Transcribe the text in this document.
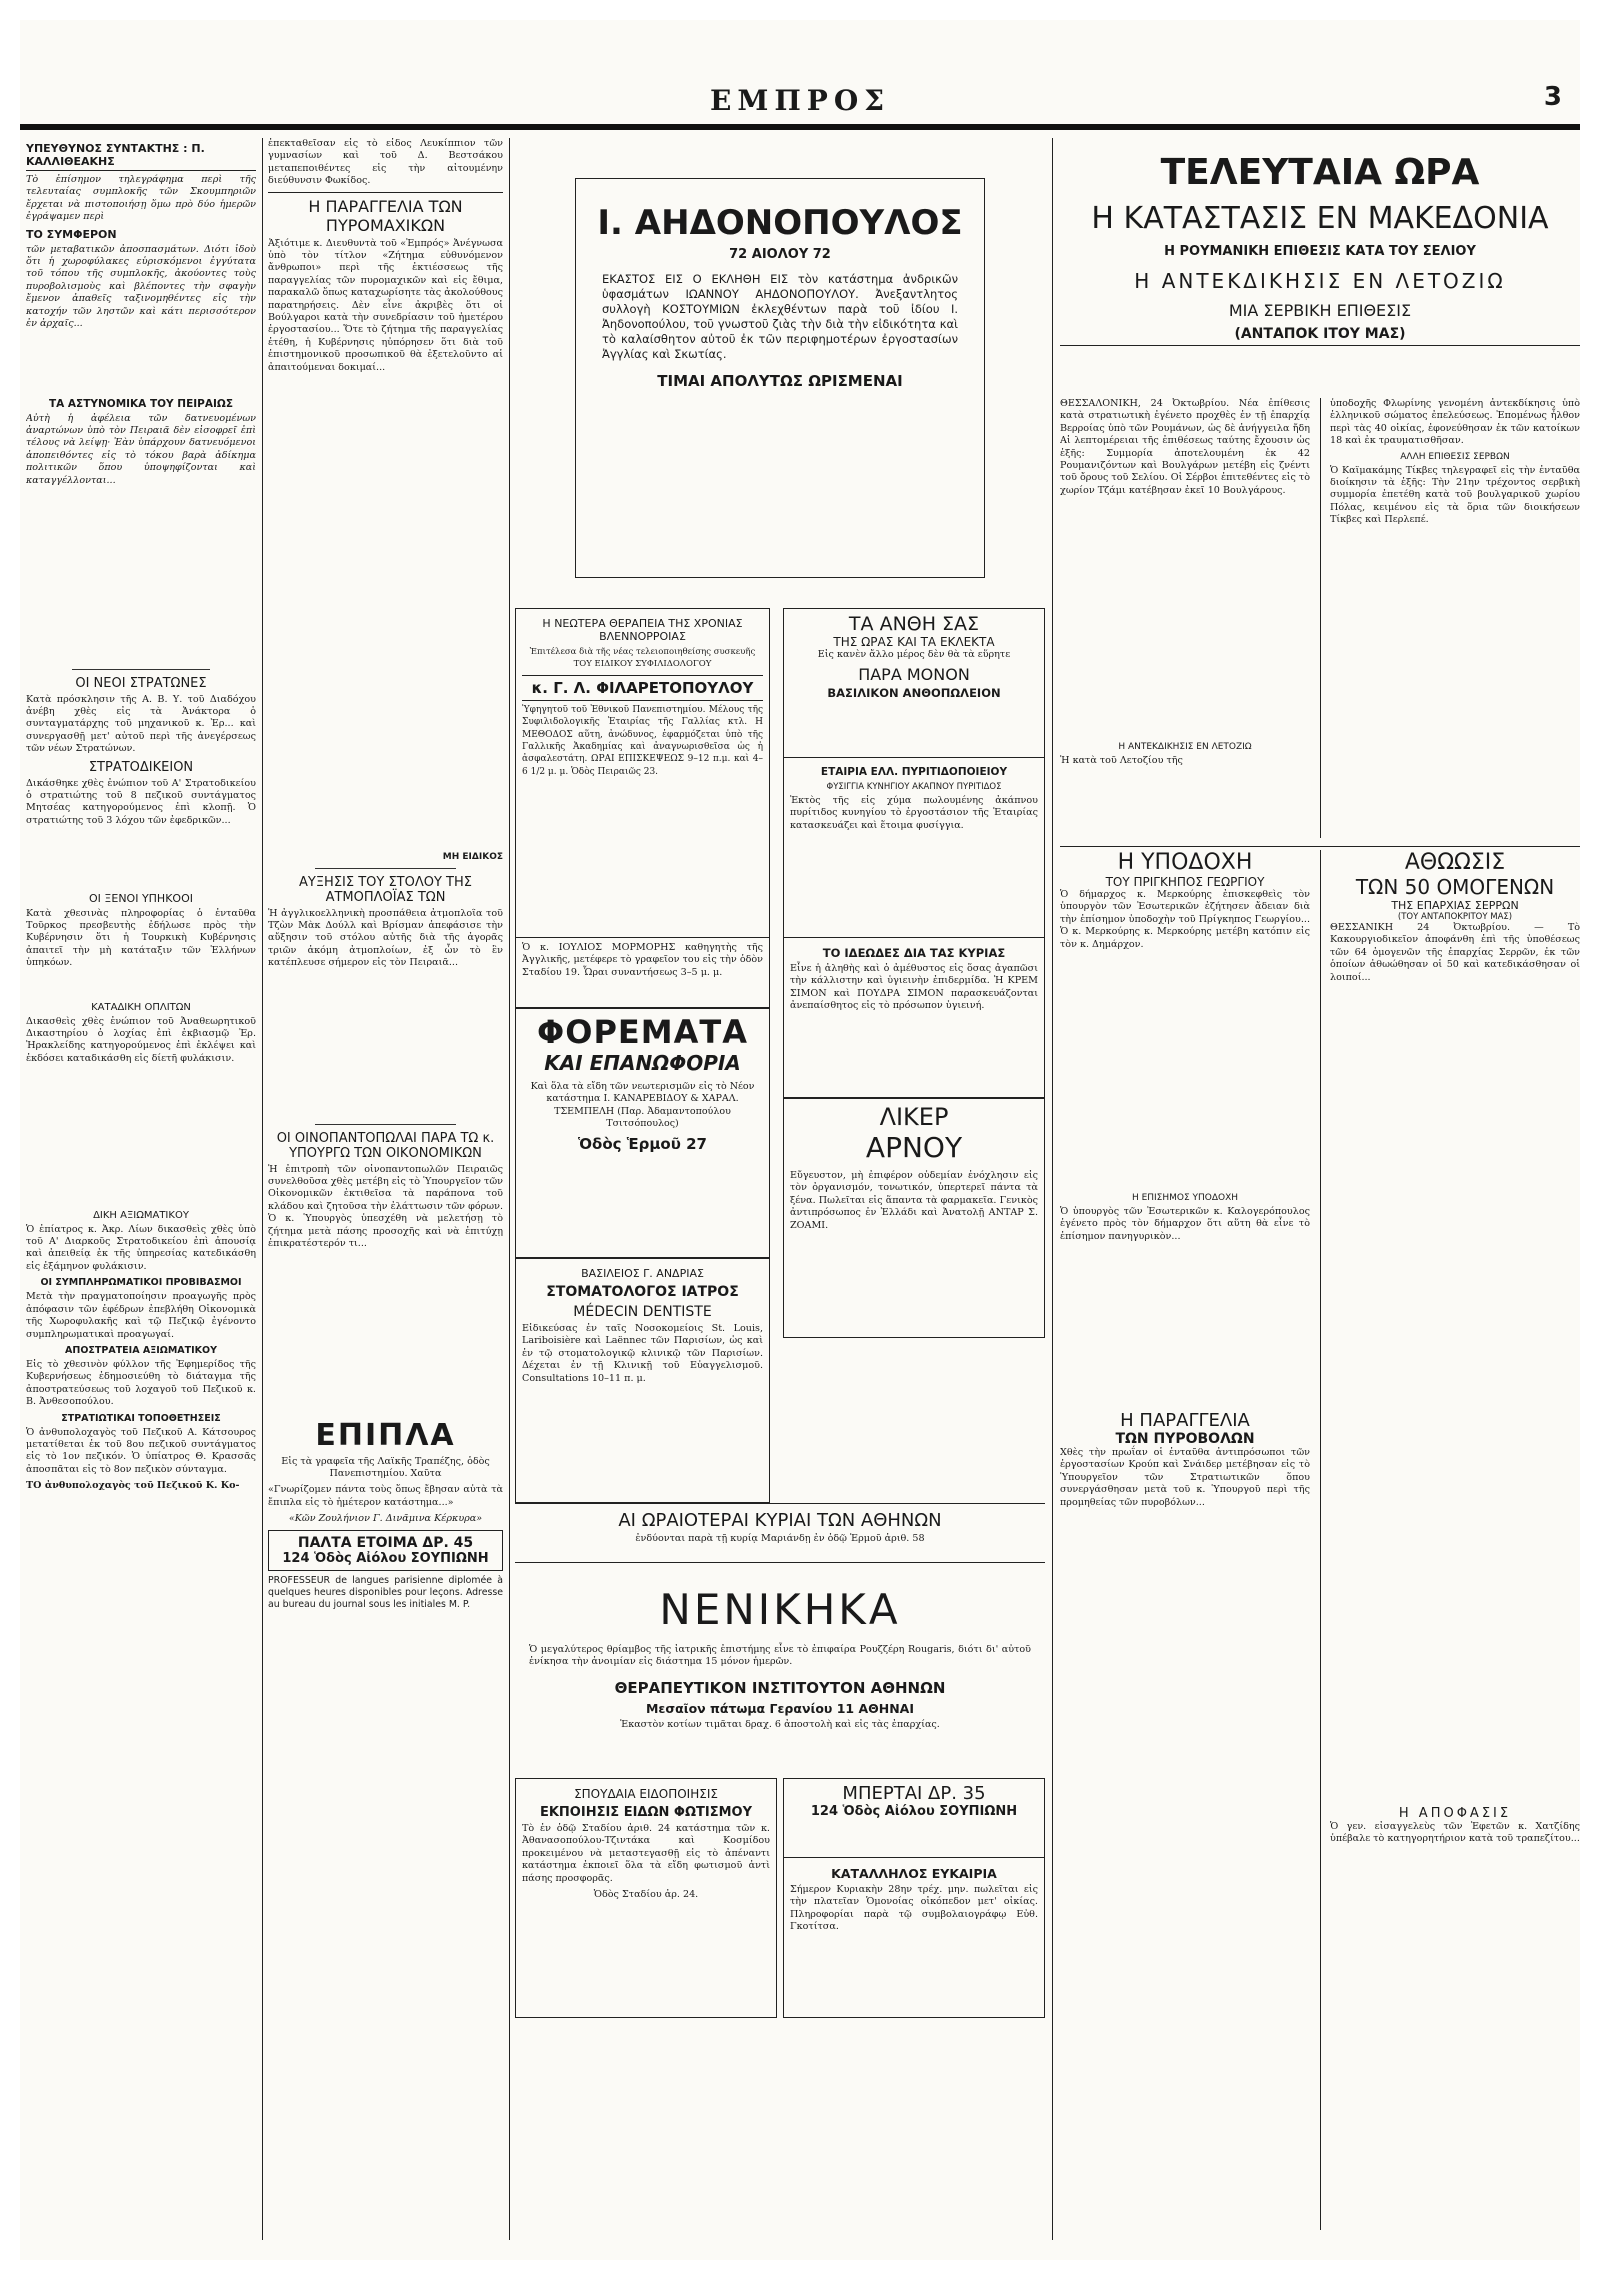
ΕΜΠΡΟΣ	3
ΥΠΕΥΘΥΝΟΣ ΣΥΝΤΑΚΤΗΣ : Π. ΚΑΛΛΙΘΕΑΚΗΣ

Τὸ ἐπίσημον τηλεγράφημα περὶ τῆς τελευταίας συμπλοκῆς τῶν Σκουμπηριῶν ἔρχεται νὰ πιστοποιήσῃ ὅμω πρὸ δύο ἡμερῶν ἐγράψαμεν περὶ

ΤΟ ΣΥΜΦΕΡΟΝ

τῶν μεταβατικῶν ἀποσπασμάτων. Διότι ἰδοὺ ὅτι ἡ χωροφύλακες εὑρισκόμενοι ἐγγύτατα τοῦ τόπου τῆς συμπλοκῆς, ἀκούοντες τοὺς πυροβολισμοὺς καὶ βλέποντες τὴν σφαγὴν ἔμενον ἀπαθεῖς ταξινομηθέντες εἰς τὴν κατοχήν τῶν ληστῶν καὶ κάτι περισσότερον ἐν ἀρχαῖς...

ΤΑ ΑΣΤΥΝΟΜΙΚΑ ΤΟΥ ΠΕΙΡΑΙΩΣ

Αὐτὴ ἡ ἀφέλεια τῶν δατνευομένων ἀναρτώνων ὑπὸ τὸν Πειραιᾶ δὲν εἰσοφρεῖ ἐπὶ τέλους νὰ λείψῃ· Ἐὰν ὑπάρχουν δατνευόμενοι ἀποπειθόντες εἰς τὸ τόκου βαρὰ ἀδίκημα πολιτικῶν ὅπου ὑποψηφίζονται καὶ καταγγέλλονται...

ΟΙ ΝΕΟΙ ΣΤΡΑΤΩΝΕΣ

Κατὰ πρόσκλησιν τῆς Α. Β. Υ. τοῦ Διαδόχου ἀνέβη χθὲς εἰς τὰ Ἀνάκτορα ὁ συνταγματάρχης τοῦ μηχανικοῦ κ. Ἐρ... καὶ συνεργασθῇ μετ' αὐτοῦ περὶ τῆς ἀνεγέρσεως τῶν νέων Στρατώνων.

ΣΤΡΑΤΟΔΙΚΕΙΟΝ

Δικάσθηκε χθὲς ἐνώπιον τοῦ Α' Στρατοδικείου ὁ στρατιώτης τοῦ 8 πεζικοῦ συντάγματος Μητσέας κατηγορούμενος ἐπὶ κλοπῇ. Ὁ στρατιώτης τοῦ 3 λόχου τῶν ἐφεδρικῶν...

ΟΙ ΞΕΝΟΙ ΥΠΗΚΟΟΙ

Κατὰ χθεσινὰς πληροφορίας ὁ ἐνταῦθα Τοῦρκος πρεσβευτὴς ἐδήλωσε πρὸς τὴν Κυβέρνησιν ὅτι ἡ Τουρκικὴ Κυβέρνησις ἀπαιτεῖ τὴν μὴ κατάταξιν τῶν Ἑλλήνων ὑπηκόων.

ΚΑΤΑΔΙΚΗ ΟΠΛΙΤΩΝ

Δικασθεὶς χθὲς ἐνώπιον τοῦ Ἀναθεωρητικοῦ Δικαστηρίου ὁ λοχίας ἐπὶ ἐκβιασμῷ Ἐρ. Ἠρακλείδης κατηγορούμενος ἐπὶ ἐκλέψει καὶ ἐκδόσει καταδικάσθη εἰς δίετῆ φυλάκισιν.

ΔΙΚΗ ΑΞΙΩΜΑΤΙΚΟΥ

Ὁ ἐπίατρος κ. Ἀκρ. Λίων δικασθεὶς χθὲς ὑπὸ τοῦ Α' Διαρκοῦς Στρατοδικείου ἐπὶ ἀπουσίᾳ καὶ ἀπειθείᾳ ἐκ τῆς ὑπηρεσίας κατεδικάσθη εἰς ἐξάμηνον φυλάκισιν.

ΟΙ ΣΥΜΠΛΗΡΩΜΑΤΙΚΟΙ ΠΡΟΒΙΒΑΣΜΟΙ

Μετὰ τὴν πραγματοποίησιν προαγωγῆς πρὸς ἀπόφασιν τῶν ἐφέδρων ἐπεβλήθη Οἰκονομικὰ τῆς Χωροφυλακῆς καὶ τῷ Πεζικῷ ἐγένοντο συμπληρωματικαὶ προαγωγαί.

ΑΠΟΣΤΡΑΤΕΙΑ ΑΞΙΩΜΑΤΙΚΟΥ

Εἰς τὸ χθεσινὸν φύλλον τῆς Ἐφημερίδος τῆς Κυβερνήσεως ἐδημοσιεύθη τὸ διάταγμα τῆς ἀποστρατεύσεως τοῦ λοχαγοῦ τοῦ Πεζικοῦ κ. Β. Ἀνθεσοπούλου.

ΣΤΡΑΤΙΩΤΙΚΑΙ ΤΟΠΟΘΕΤΗΣΕΙΣ

Ὁ ἀνθυπολοχαγὸς τοῦ Πεζικοῦ Α. Κάτσουρος μετατίθεται ἐκ τοῦ 8ου πεζικοῦ συντάγματος εἰς τὸ 1ον πεζικόν. Ὁ ὑπίατρος Θ. Κρασσᾶς ἀποσπᾶται εἰς τὸ 8ον πεζικὸν σύνταγμα.

ΤΟ ἀνθυπολοχαγὸς τοῦ Πεζικοῦ Κ. Κο-

ἐπεκταθεῖσαν εἰς τὸ εἶδος Λευκίππιον τῶν γυμνασίων καὶ τοῦ Δ. Βεστσάκου μεταπεποιθέντες εἰς τὴν αἰτουμένην διεύθυνσιν Φωκίδος.

Η ΠΑΡΑΓΓΕΛΙΑ ΤΩΝ ΠΥΡΟΜΑΧΙΚΩΝ

Ἀξιότιμε κ. Διευθυντὰ τοῦ «Ἐμπρός» Ἀνέγνωσα ὑπὸ τὸν τίτλον «Ζήτημα εὐθυνόμενον ἄνθρωποι» περὶ τῆς ἐκτιέσσεως τῆς παραγγελίας τῶν πυρομαχικῶν καὶ εἰς ἔθιμα, παρακαλῶ ὅπως καταχωρίσητε τὰς ἀκολούθους παρατηρήσεις. Δὲν εἶνε ἀκριβὲς ὅτι οἱ Βούλγαροι κατὰ τὴν συνεδρίασιν τοῦ ἠμετέρου ἐργοστασίου... Ὅτε τὸ ζήτημα τῆς παραγγελίας ἐτέθη, ἡ Κυβέρνησις ηὐπόρησεν ὅτι διὰ τοῦ ἐπιστημονικοῦ προσωπικοῦ θὰ ἐξετελοῦντο αἱ ἀπαιτούμεναι δοκιμαί...

ΜΗ ΕΙΔΙΚΟΣ
ΑΥΞΗΣΙΣ ΤΟΥ ΣΤΟΛΟΥ ΤΗΣ ΑΤΜΟΠΛΟΪΑΣ ΤΩΝ

Ἡ ἀγγλικοελληνικὴ προσπάθεια ἀτμοπλοΐα τοῦ Τζὼν Μὰκ Δούλλ καὶ Βρίσμαν ἀπεφάσισε τὴν αὔξησιν τοῦ στόλου αὐτῆς διὰ τῆς ἀγορᾶς τριῶν ἀκόμη ἀτμοπλοίων, ἐξ ὧν τὸ ἓν κατέπλευσε σήμερον εἰς τὸν Πειραιᾶ...

ΟΙ ΟΙΝΟΠΑΝΤΟΠΩΛΑΙ ΠΑΡΑ ΤΩ κ. ΥΠΟΥΡΓΩ ΤΩΝ ΟΙΚΟΝΟΜΙΚΩΝ

Ἡ ἐπιτροπὴ τῶν οἰνοπαντοπωλῶν Πειραιῶς συνελθοῦσα χθὲς μετέβη εἰς τὸ Ὑπουργεῖον τῶν Οἰκονομικῶν ἐκτιθεῖσα τὰ παράπονα τοῦ κλάδου καὶ ζητοῦσα τὴν ἐλάττωσιν τῶν φόρων. Ὁ κ. Ὑπουργὸς ὑπεσχέθη νὰ μελετήσῃ τὸ ζήτημα μετὰ πάσης προσοχῆς καὶ νὰ ἐπιτύχῃ ἐπικρατέστερόν τι...

ΕΠΙΠΛΑ

Εἰς τὰ γραφεῖα τῆς Λαϊκῆς Τραπέζης, ὁδὸς Πανεπιστημίου. Χαῦτα

«Γνωρίζομεν πάντα τοὺς ὅπως ἔβησαν αὐτὰ τὰ ἔπιπλα εἰς τὸ ἡμέτερον κατάστημα...»

«Κῶν Ζουλήνιον Γ. Δινᾶμινα Κέρκυρα»

ΠΑΛΤΑ ΕΤΟΙΜΑ ΔΡ. 45
124 Ὁδὸς Αἰόλου ΣΟΥΠΙΩΝΗ

PROFESSEUR de langues parisienne diplomée à quelques heures disponibles pour leçons. Adresse au bureau du journal sous les initiales M. P.

Ι. ΑΗΔΟΝΟΠΟΥΛΟΣ
72 ΑΙΟΛΟΥ 72

ΕΚΑΣΤΟΣ ΕΙΣ Ο ΕΚΛΗΘΗ ΕΙΣ τὸν κατάστημα ἀνδρικῶν ὑφασμάτων ΙΩΑΝΝΟΥ ΑΗΔΟΝΟΠΟΥΛΟΥ. Ἀνεξαντλητος συλλογὴ ΚΟΣΤΟΥΜΙΩΝ ἐκλεχθέντων παρὰ τοῦ ἰδίου Ι. Ἀηδονοπούλου, τοῦ γνωστοῦ ζιὰς τὴν διὰ τὴν εἰδικότητα καὶ τὸ καλαίσθητον αὐτοῦ ἐκ τῶν περιφημοτέρων ἐργοστασίων Ἀγγλίας καὶ Σκωτίας.

ΤΙΜΑΙ ΑΠΟΛΥΤΩΣ ΩΡΙΣΜΕΝΑΙ
Η ΝΕΩΤΕΡΑ ΘΕΡΑΠΕΙΑ ΤΗΣ ΧΡΟΝΙΑΣ ΒΛΕΝΝΟΡΡΟΙΑΣ

Ἐπιτέλεσα διὰ τῆς νέας τελειοποιηθείσης συσκευῆς ΤΟΥ ΕΙΔΙΚΟΥ ΣΥΦΙΛΙΔΟΛΟΓΟΥ

κ. Γ. Λ. ΦΙΛΑΡΕΤΟΠΟΥΛΟΥ

Ὑφηγητοῦ τοῦ Ἐθνικοῦ Πανεπιστημίου. Μέλους τῆς Συφιλιδολογικῆς Ἑταιρίας τῆς Γαλλίας κτλ. Η ΜΕΘΟΔΟΣ αὕτη, ἀνώδυνος, ἐφαρμόζεται ὑπὸ τῆς Γαλλικῆς Ἀκαδημίας καὶ ἀναγνωρισθεῖσα ὡς ἡ ἀσφαλεστάτη. ΩΡΑΙ ΕΠΙΣΚΕΨΕΩΣ 9–12 π.μ. καὶ 4–6 1/2 μ. μ. Ὁδὸς Πειραιῶς 23.

ΤΑ ΑΝΘΗ ΣΑΣ
ΤΗΣ ΩΡΑΣ ΚΑΙ ΤΑ ΕΚΛΕΚΤΑ

Εἰς κανὲν ἄλλο μέρος δὲν θὰ τὰ εὕρητε

ΠΑΡΑ ΜΟΝΟΝ
ΒΑΣΙΛΙΚΟΝ ΑΝΘΟΠΩΛΕΙΟΝ
ΕΤΑΙΡΙΑ ΕΛΛ. ΠΥΡΙΤΙΔΟΠΟΙΕΙΟΥ
ΦΥΣΙΓΓΙΑ ΚΥΝΗΓΙΟΥ ΑΚΑΠΝΟΥ ΠΥΡΙΤΙΔΟΣ

Ἐκτὸς τῆς εἰς χύμα πωλουμένης ἀκάπνου πυρίτιδος κυνηγίου τὸ ἐργοστάσιον τῆς Ἑταιρίας κατασκευάζει καὶ ἕτοιμα φυσίγγια.

Ὁ κ. ΙΟΥΛΙΟΣ ΜΟΡΜΟΡΗΣ καθηγητὴς τῆς Ἀγγλικῆς, μετέφερε τὸ γραφεῖον του εἰς τὴν ὁδὸν Σταδίου 19. Ὧραι συναντήσεως 3–5 μ. μ.

ΤΟ ΙΔΕΩΔΕΣ ΔΙΑ ΤΑΣ ΚΥΡΙΑΣ

Εἶνε ἡ ἀληθὴς καὶ ὁ ἀμέθυστος εἰς ὅσας ἀγαπῶσι τὴν κάλλιστην καὶ ὑγιεινὴν ἐπιδερμίδα. Ἡ ΚΡΕΜ ΣΙΜΟΝ καὶ ΠΟΥΔΡΑ ΣΙΜΟΝ παρασκευάζονται ἀνεπαίσθητος εἰς τὸ πρόσωπον ὑγιεινή.

ΦΟΡΕΜΑΤΑ
ΚΑΙ ΕΠΑΝΩΦΟΡΙΑ

Καὶ ὅλα τὰ εἴδη τῶν νεωτερισμῶν εἰς τὸ Νέον κατάστημα Ι. ΚΑΝΑΡΕΒΙΔΟΥ & ΧΑΡΑΛ. ΤΣΕΜΠΕΛΗ (Παρ. Ἀδαμαντοπούλου Τσιτσόπουλος)

Ὁδὸς Ἑρμοῦ 27
ΛΙΚΕΡ
ΑΡΝΟΥ

Εὔγευστον, μὴ ἐπιφέρον οὐδεμίαν ἐνόχλησιν εἰς τὸν ὀργανισμόν, τονωτικόν, ὑπερτερεῖ πάντα τὰ ξένα. Πωλεῖται εἰς ἅπαντα τὰ φαρμακεῖα. Γενικὸς ἀντιπρόσωπος ἐν Ἑλλάδι καὶ Ἀνατολῇ ΑΝΤΑΡ Σ. ΖΟΑΜΙ.

ΒΑΣΙΛΕΙΟΣ Γ. ΑΝΔΡΙΑΣ
ΣΤΟΜΑΤΟΛΟΓΟΣ ΙΑΤΡΟΣ
MÉDECIN DENTISTE

Εἰδικεύσας ἐν ταῖς Νοσοκομείοις St. Louis, Lariboisière καὶ Laënnec τῶν Παρισίων, ὡς καὶ ἐν τῷ στοματολογικῷ κλινικῷ τῶν Παρισίων. Δέχεται ἐν τῇ Κλινικῇ τοῦ Εὐαγγελισμοῦ. Consultations 10–11 π. μ.

ΑΙ ΩΡΑΙΟΤΕΡΑΙ ΚΥΡΙΑΙ ΤΩΝ ΑΘΗΝΩΝ

ἐνδύονται παρὰ τῇ κυρίᾳ Μαριάνδῃ ἐν ὁδῷ Ἑρμοῦ ἀριθ. 58

ΝΕΝΙΚΗΚΑ

Ὁ μεγαλύτερος θρίαμβος τῆς ἰατρικῆς ἐπιστήμης εἶνε τὸ ἐπιφαίρα Ρουζζέρη Rougaris, διότι δι' αὐτοῦ ἐνίκησα τὴν ἀνοιμίαν εἰς διάστημα 15 μόνον ἡμερῶν.

ΘΕΡΑΠΕΥΤΙΚΟΝ ΙΝΣΤΙΤΟΥΤΟΝ ΑΘΗΝΩΝ
Μεσαῖον πάτωμα Γερανίου 11 ΑΘΗΝΑΙ

Ἑκαστὸν κοτίων τιμᾶται δραχ. 6 ἀποστολὴ καὶ εἰς τὰς ἐπαρχίας.

ΣΠΟΥΔΑΙΑ ΕΙΔΟΠΟΙΗΣΙΣ
ΕΚΠΟΙΗΣΙΣ ΕΙΔΩΝ ΦΩΤΙΣΜΟΥ

Τὸ ἐν ὁδῷ Σταδίου ἀριθ. 24 κατάστημα τῶν κ. Ἀθανασοπούλου-Τζιντάκα καὶ Κοσμίδου προκειμένου νὰ μεταστεγασθῇ εἰς τὸ ἀπέναντι κατάστημα ἐκποιεῖ ὅλα τὰ εἴδη φωτισμοῦ ἀντὶ πάσης προσφορᾶς.

Ὁδὸς Σταδίου ἀρ. 24.

ΜΠΕΡΤΑΙ ΔΡ. 35
124 Ὁδὸς Αἰόλου ΣΟΥΠΙΩΝΗ
ΚΑΤΑΛΛΗΛΟΣ ΕΥΚΑΙΡΙΑ

Σήμερον Κυριακὴν 28ην τρέχ. μην. πωλεῖται εἰς τὴν πλατεῖαν Ὁμονοίας οἰκόπεδον μετ' οἰκίας. Πληροφορίαι παρὰ τῷ συμβολαιογράφῳ Εὐθ. Γκοτίτσα.

ΤΕΛΕΥΤΑΙΑ ΩΡΑ
Η ΚΑΤΑΣΤΑΣΙΣ ΕΝ ΜΑΚΕΔΟΝΙΑ
Η ΡΟΥΜΑΝΙΚΗ ΕΠΙΘΕΣΙΣ ΚΑΤΑ ΤΟΥ ΣΕΛΙΟΥ
Η ΑΝΤΕΚΔΙΚΗΣΙΣ ΕΝ ΛΕΤΟΖΙΩ
ΜΙΑ ΣΕΡΒΙΚΗ ΕΠΙΘΕΣΙΣ
(ΑΝΤΑΠΟΚ ΙΤΟΥ ΜΑΣ)

ΘΕΣΣΑΛΟΝΙΚΗ, 24 Ὀκτωβρίου. Νέα ἐπίθεσις κατὰ στρατιωτικὴ ἐγένετο προχθὲς ἐν τῇ ἐπαρχίᾳ Βερροίας ὑπὸ τῶν Ρουμάνων, ὡς δὲ ἀνήγγειλα ἤδη Αἱ λεπτομέρειαι τῆς ἐπιθέσεως ταύτης ἔχουσιν ὡς ἑξῆς: Συμμορία ἀποτελουμένη ἐκ 42 Ρουμανιζόντων καὶ Βουλγάρων μετέβη εἰς ζνέντι τοῦ ὄρους τοῦ Σελίου. Οἱ Σέρβοι ἐπιτεθέντες εἰς τὸ χωρίον Τζάμι κατέβησαν ἐκεῖ 10 Βουλγάρους.

Η ΑΝΤΕΚΔΙΚΗΣΙΣ ΕΝ ΛΕΤΟΖΙΩ

Ἡ κατὰ τοῦ Λετοζίου τῆς

ὑποδοχῆς Φλωρίνης γενομένη ἀντεκδίκησις ὑπὸ ἑλληνικοῦ σώματος ἐπελεύσεως. Ἐπομένως ἦλθον περὶ τὰς 40 οἰκίας, ἐφονεύθησαν ἐκ τῶν κατοίκων 18 καὶ ἐκ τραυματισθῆσαν.

ΑΛΛΗ ΕΠΙΘΕΣΙΣ ΣΕΡΒΩΝ

Ὁ Καϊμακάμης Τίκβες τηλεγραφεῖ εἰς τὴν ἐνταῦθα διοίκησιν τὰ ἑξῆς: Τὴν 21ην τρέχοντος σερβικὴ συμμορία ἐπετέθη κατὰ τοῦ βουλγαρικοῦ χωρίου Πόλας, κειμένου εἰς τὰ ὅρια τῶν διοικήσεων Τίκβες καὶ Περλεπέ.

Η ΥΠΟΔΟΧΗ
ΤΟΥ ΠΡΙΓΚΗΠΟΣ ΓΕΩΡΓΙΟΥ

Ὁ δήμαρχος κ. Μερκούρης ἐπισκεφθεὶς τὸν ὑπουργὸν τῶν Ἐσωτερικῶν ἐζήτησεν ἄδειαν διὰ τὴν ἐπίσημον ὑποδοχὴν τοῦ Πρίγκηπος Γεωργίου... Ὁ κ. Μερκούρης κ. Μερκούρης μετέβη κατόπιν εἰς τὸν κ. Δημάρχον.

Η ΕΠΙΣΗΜΟΣ ΥΠΟΔΟΧΗ

Ὁ ὑπουργὸς τῶν Ἐσωτερικῶν κ. Καλογερόπουλος ἐγένετο πρὸς τὸν δήμαρχον ὅτι αὕτη θὰ εἶνε τὸ ἐπίσημον πανηγυρικὸν...

Η ΠΑΡΑΓΓΕΛΙΑ
ΤΩΝ ΠΥΡΟΒΟΛΩΝ

Χθὲς τὴν πρωΐαν οἱ ἐνταῦθα ἀντιπρόσωποι τῶν ἐργοστασίων Κρούπ καὶ Σνάιδερ μετέβησαν εἰς τὸ Ὑπουργεῖον τῶν Στρατιωτικῶν ὅπου συνεργάσθησαν μετὰ τοῦ κ. Ὑπουργοῦ περὶ τῆς προμηθείας τῶν πυροβόλων...

ΑΘΩΩΣΙΣ
ΤΩΝ 50 ΟΜΟΓΕΝΩΝ
ΤΗΣ ΕΠΑΡΧΙΑΣ ΣΕΡΡΩΝ
(ΤΟΥ ΑΝΤΑΠΟΚΡΙΤΟΥ ΜΑΣ)

ΘΕΣΣΑΝΙΚΗ 24 Ὀκτωβρίου. — Τὸ Κακουργιοδικεῖον ἀποφάνθη ἐπὶ τῆς ὑποθέσεως τῶν 64 ὁμογενῶν τῆς ἐπαρχίας Σερρῶν, ἐκ τῶν ὁποίων ἀθωώθησαν οἱ 50 καὶ κατεδικάσθησαν οἱ λοιποί...

Η ΑΠΟΦΑΣΙΣ

Ὁ γεν. εἰσαγγελεὺς τῶν Ἐφετῶν κ. Χατζίδης ὑπέβαλε τὸ κατηγορητήριον κατὰ τοῦ τραπεζίτου...
